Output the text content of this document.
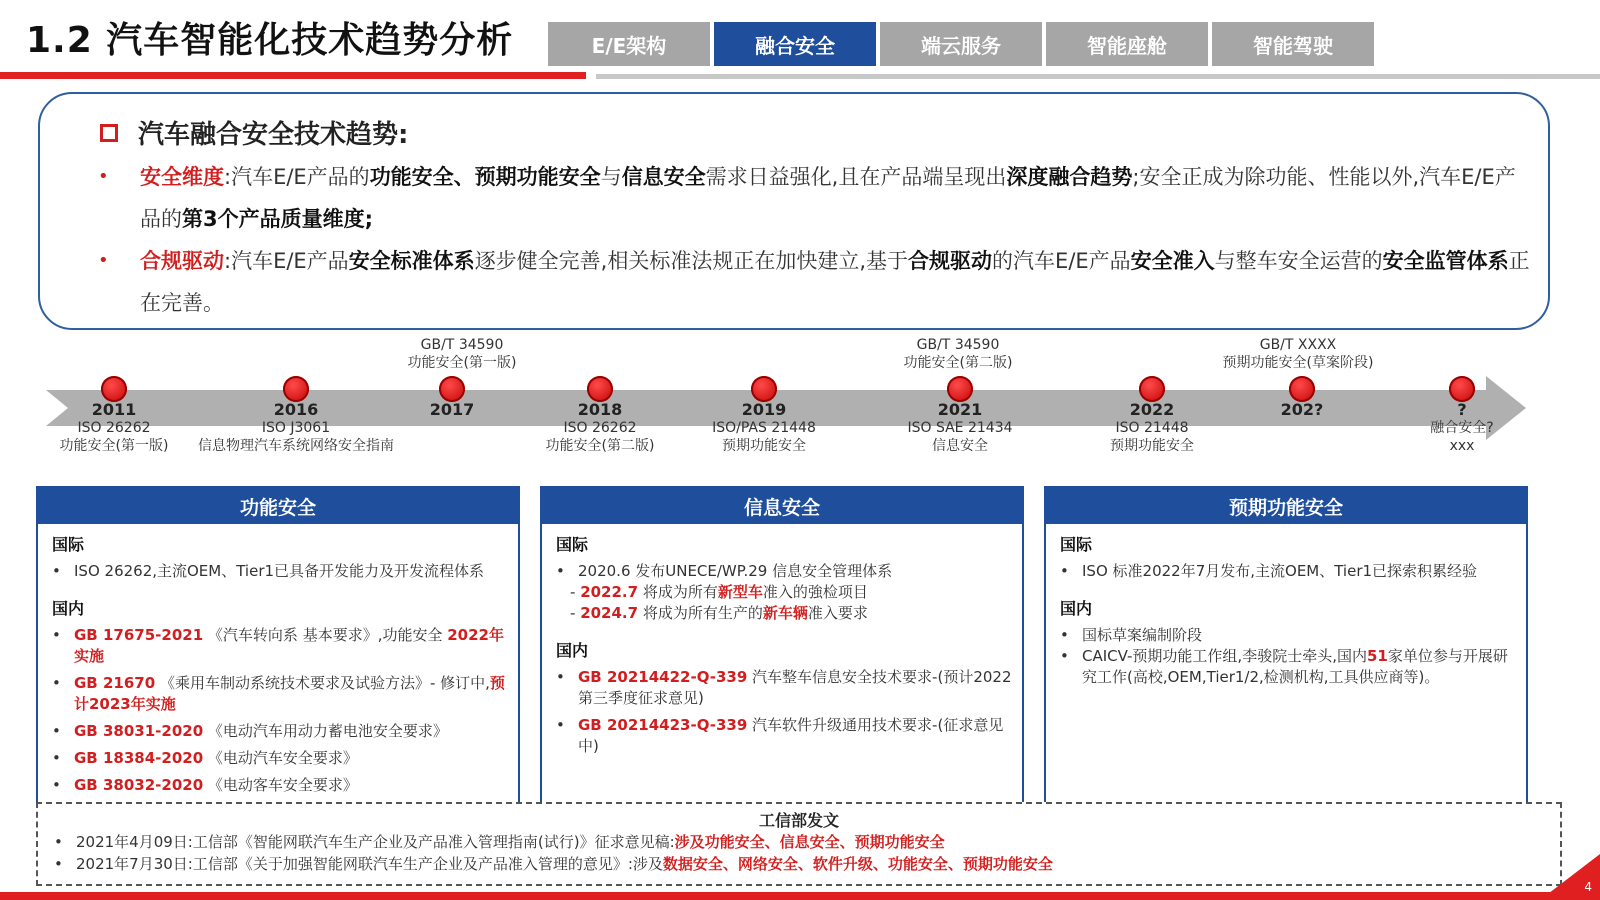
1.2 汽车智能化技术趋势分析	E/E架构	融合安全	端云服务	智能座舱	智能驾驶
汽车融合安全技术趋势:
• 安全维度:汽车E/E产品的功能安全、预期功能安全与信息安全需求日益强化,且在产品端呈现出深度融合趋势;安全正成为除功能、性能以外,汽车E/E产品的第3个产品质量维度;
• 合规驱动:汽车E/E产品安全标准体系逐步健全完善,相关标准法规正在加快建立,基于合规驱动的汽车E/E产品安全准入与整车安全运营的安全监管体系正在完善。
GB/T 34590
功能安全(第一版)
GB/T 34590
功能安全(第二版)
GB/T XXXX
预期功能安全(草案阶段)
2011
ISO 26262
功能安全(第一版)
2016
ISO J3061
信息物理汽车系统网络安全指南
2017	2018
ISO 26262
功能安全(第二版)
2019
ISO/PAS 21448
预期功能安全
2021
ISO SAE 21434
信息安全
2022
ISO 21448
预期功能安全
202?	?
融合安全?
xxx
功能安全
国际
• ISO 26262,主流OEM、Tier1已具备开发能力及开发流程体系
国内
• GB 17675-2021 《汽车转向系 基本要求》,功能安全 2022年实施
• GB 21670 《乘用车制动系统技术要求及试验方法》- 修订中,预计2023年实施
• GB 38031-2020 《电动汽车用动力蓄电池安全要求》
• GB 18384-2020 《电动汽车安全要求》
• GB 38032-2020 《电动客车安全要求》
信息安全
国际
• 2020.6 发布UNECE/WP.29 信息安全管理体系
- 2022.7 将成为所有新型车准入的強检项目
- 2024.7 将成为所有生产的新车辆准入要求
国内
• GB 20214422-Q-339 汽车整车信息安全技术要求-(预计2022第三季度征求意见)
• GB 20214423-Q-339 汽车软件升级通用技术要求-(征求意见中)
预期功能安全
国际
• ISO 标准2022年7月发布,主流OEM、Tier1已探索积累经验
国内
• 国标草案编制阶段
• CAICV-预期功能工作组,李骏院士牵头,国内51家单位参与开展研究工作(高校,OEM,Tier1/2,检测机构,工具供应商等)。
工信部发文
• 2021年4月09日:工信部《智能网联汽车生产企业及产品准入管理指南(试行)》征求意见稿:涉及功能安全、信息安全、预期功能安全
• 2021年7月30日:工信部《关于加强智能网联汽车生产企业及产品准入管理的意见》:涉及数据安全、网络安全、软件升级、功能安全、预期功能安全
4
